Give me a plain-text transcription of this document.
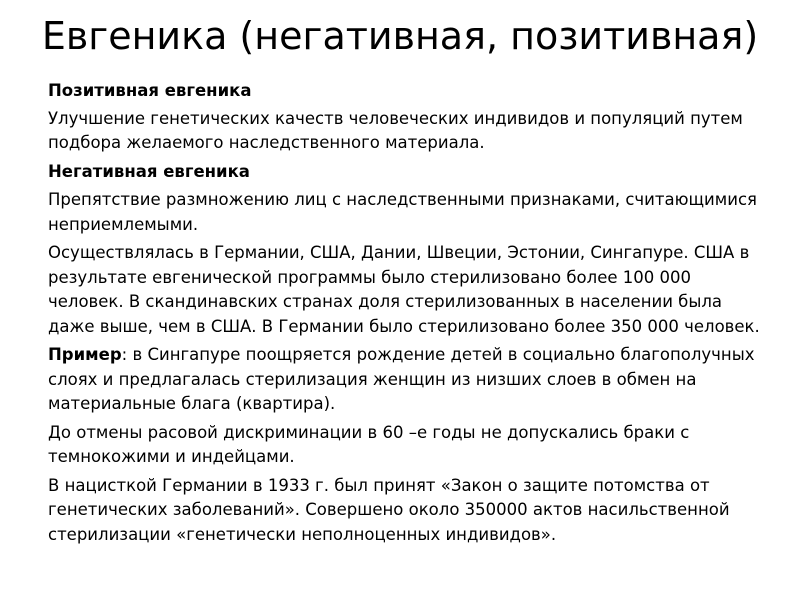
Евгеника (негативная, позитивная)

Позитивная евгеника

Улучшение генетических качеств человеческих индивидов и популяций путем подбора желаемого наследственного материала.

Негативная евгеника

Препятствие размножению лиц с наследственными признаками, считающимися неприемлемыми.

Осуществлялась в Германии, США, Дании, Швеции, Эстонии, Сингапуре. США в результате евгенической программы было стерилизовано более 100 000 человек. В скандинавских странах доля стерилизованных в населении была даже выше, чем в США. В Германии было стерилизовано более 350 000 человек.

Пример: в Сингапуре поощряется рождение детей в социально благополучных слоях и предлагалась стерилизация женщин из низших слоев в обмен на материальные блага (квартира).

До отмены расовой дискриминации в 60 –е годы не допускались браки с темнокожими и индейцами.

В нацисткой Германии в 1933 г. был принят «Закон о защите потомства от генетических заболеваний». Совершено около 350000 актов насильственной стерилизации «генетически неполноценных индивидов».
